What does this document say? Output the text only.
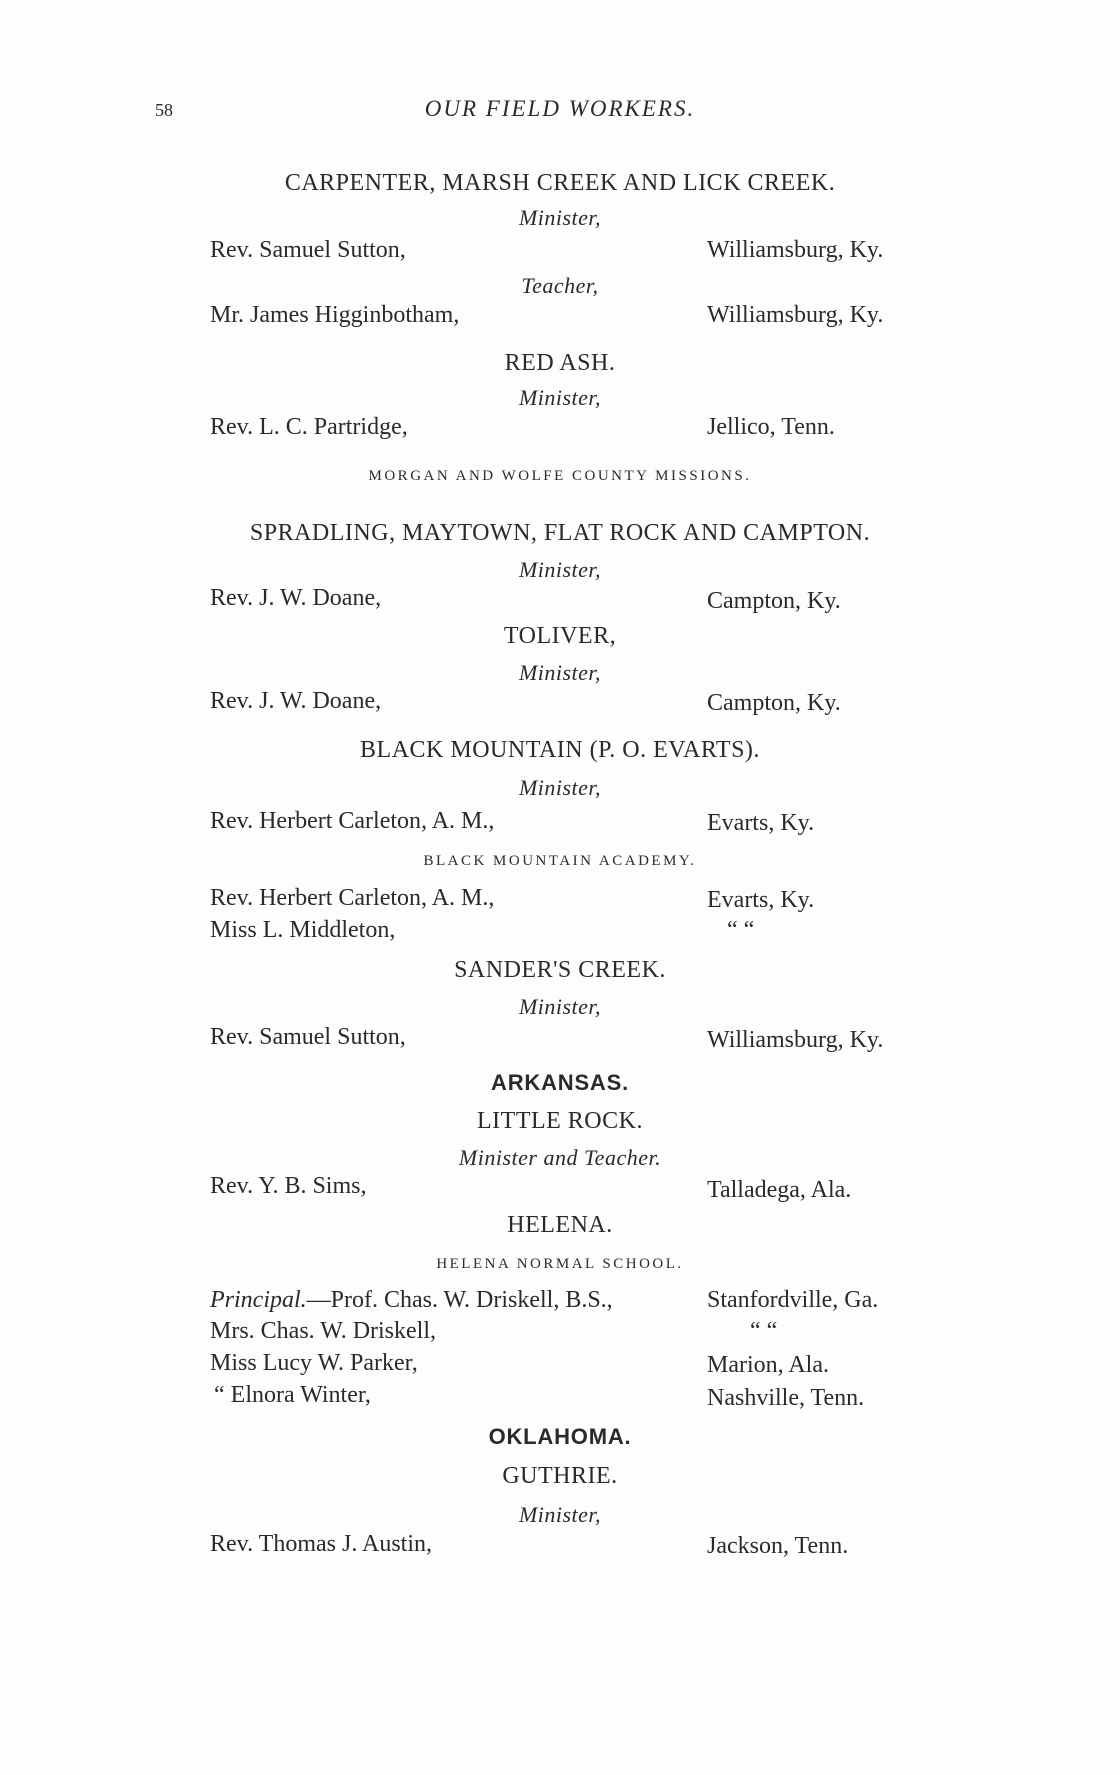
58	OUR FIELD WORKERS.
CARPENTER, MARSH CREEK AND LICK CREEK.
Minister,
Rev. Samuel Sutton,	Williamsburg, Ky.
Teacher,
Mr. James Higginbotham,	Williamsburg, Ky.
RED ASH.
Minister,
Rev. L. C. Partridge,	Jellico, Tenn.
MORGAN AND WOLFE COUNTY MISSIONS.
SPRADLING, MAYTOWN, FLAT ROCK AND CAMPTON.
Minister,
Rev. J. W. Doane,	Campton, Ky.
TOLIVER,
Minister,
Rev. J. W. Doane,	Campton, Ky.
BLACK MOUNTAIN (P. O. EVARTS).
Minister,
Rev. Herbert Carleton, A. M.,	Evarts, Ky.
BLACK MOUNTAIN ACADEMY.
Rev. Herbert Carleton, A. M.,	Evarts, Ky.
Miss L. Middleton,	“ “
SANDER'S CREEK.
Minister,
Rev. Samuel Sutton,	Williamsburg, Ky.
ARKANSAS.
LITTLE ROCK.
Minister and Teacher.
Rev. Y. B. Sims,	Talladega, Ala.
HELENA.
HELENA NORMAL SCHOOL.
Principal.—Prof. Chas. W. Driskell, B.S.,	Stanfordville, Ga.
Mrs. Chas. W. Driskell,	“ “
Miss Lucy W. Parker,	Marion, Ala.
“ Elnora Winter,	Nashville, Tenn.
OKLAHOMA.
GUTHRIE.
Minister,
Rev. Thomas J. Austin,	Jackson, Tenn.
